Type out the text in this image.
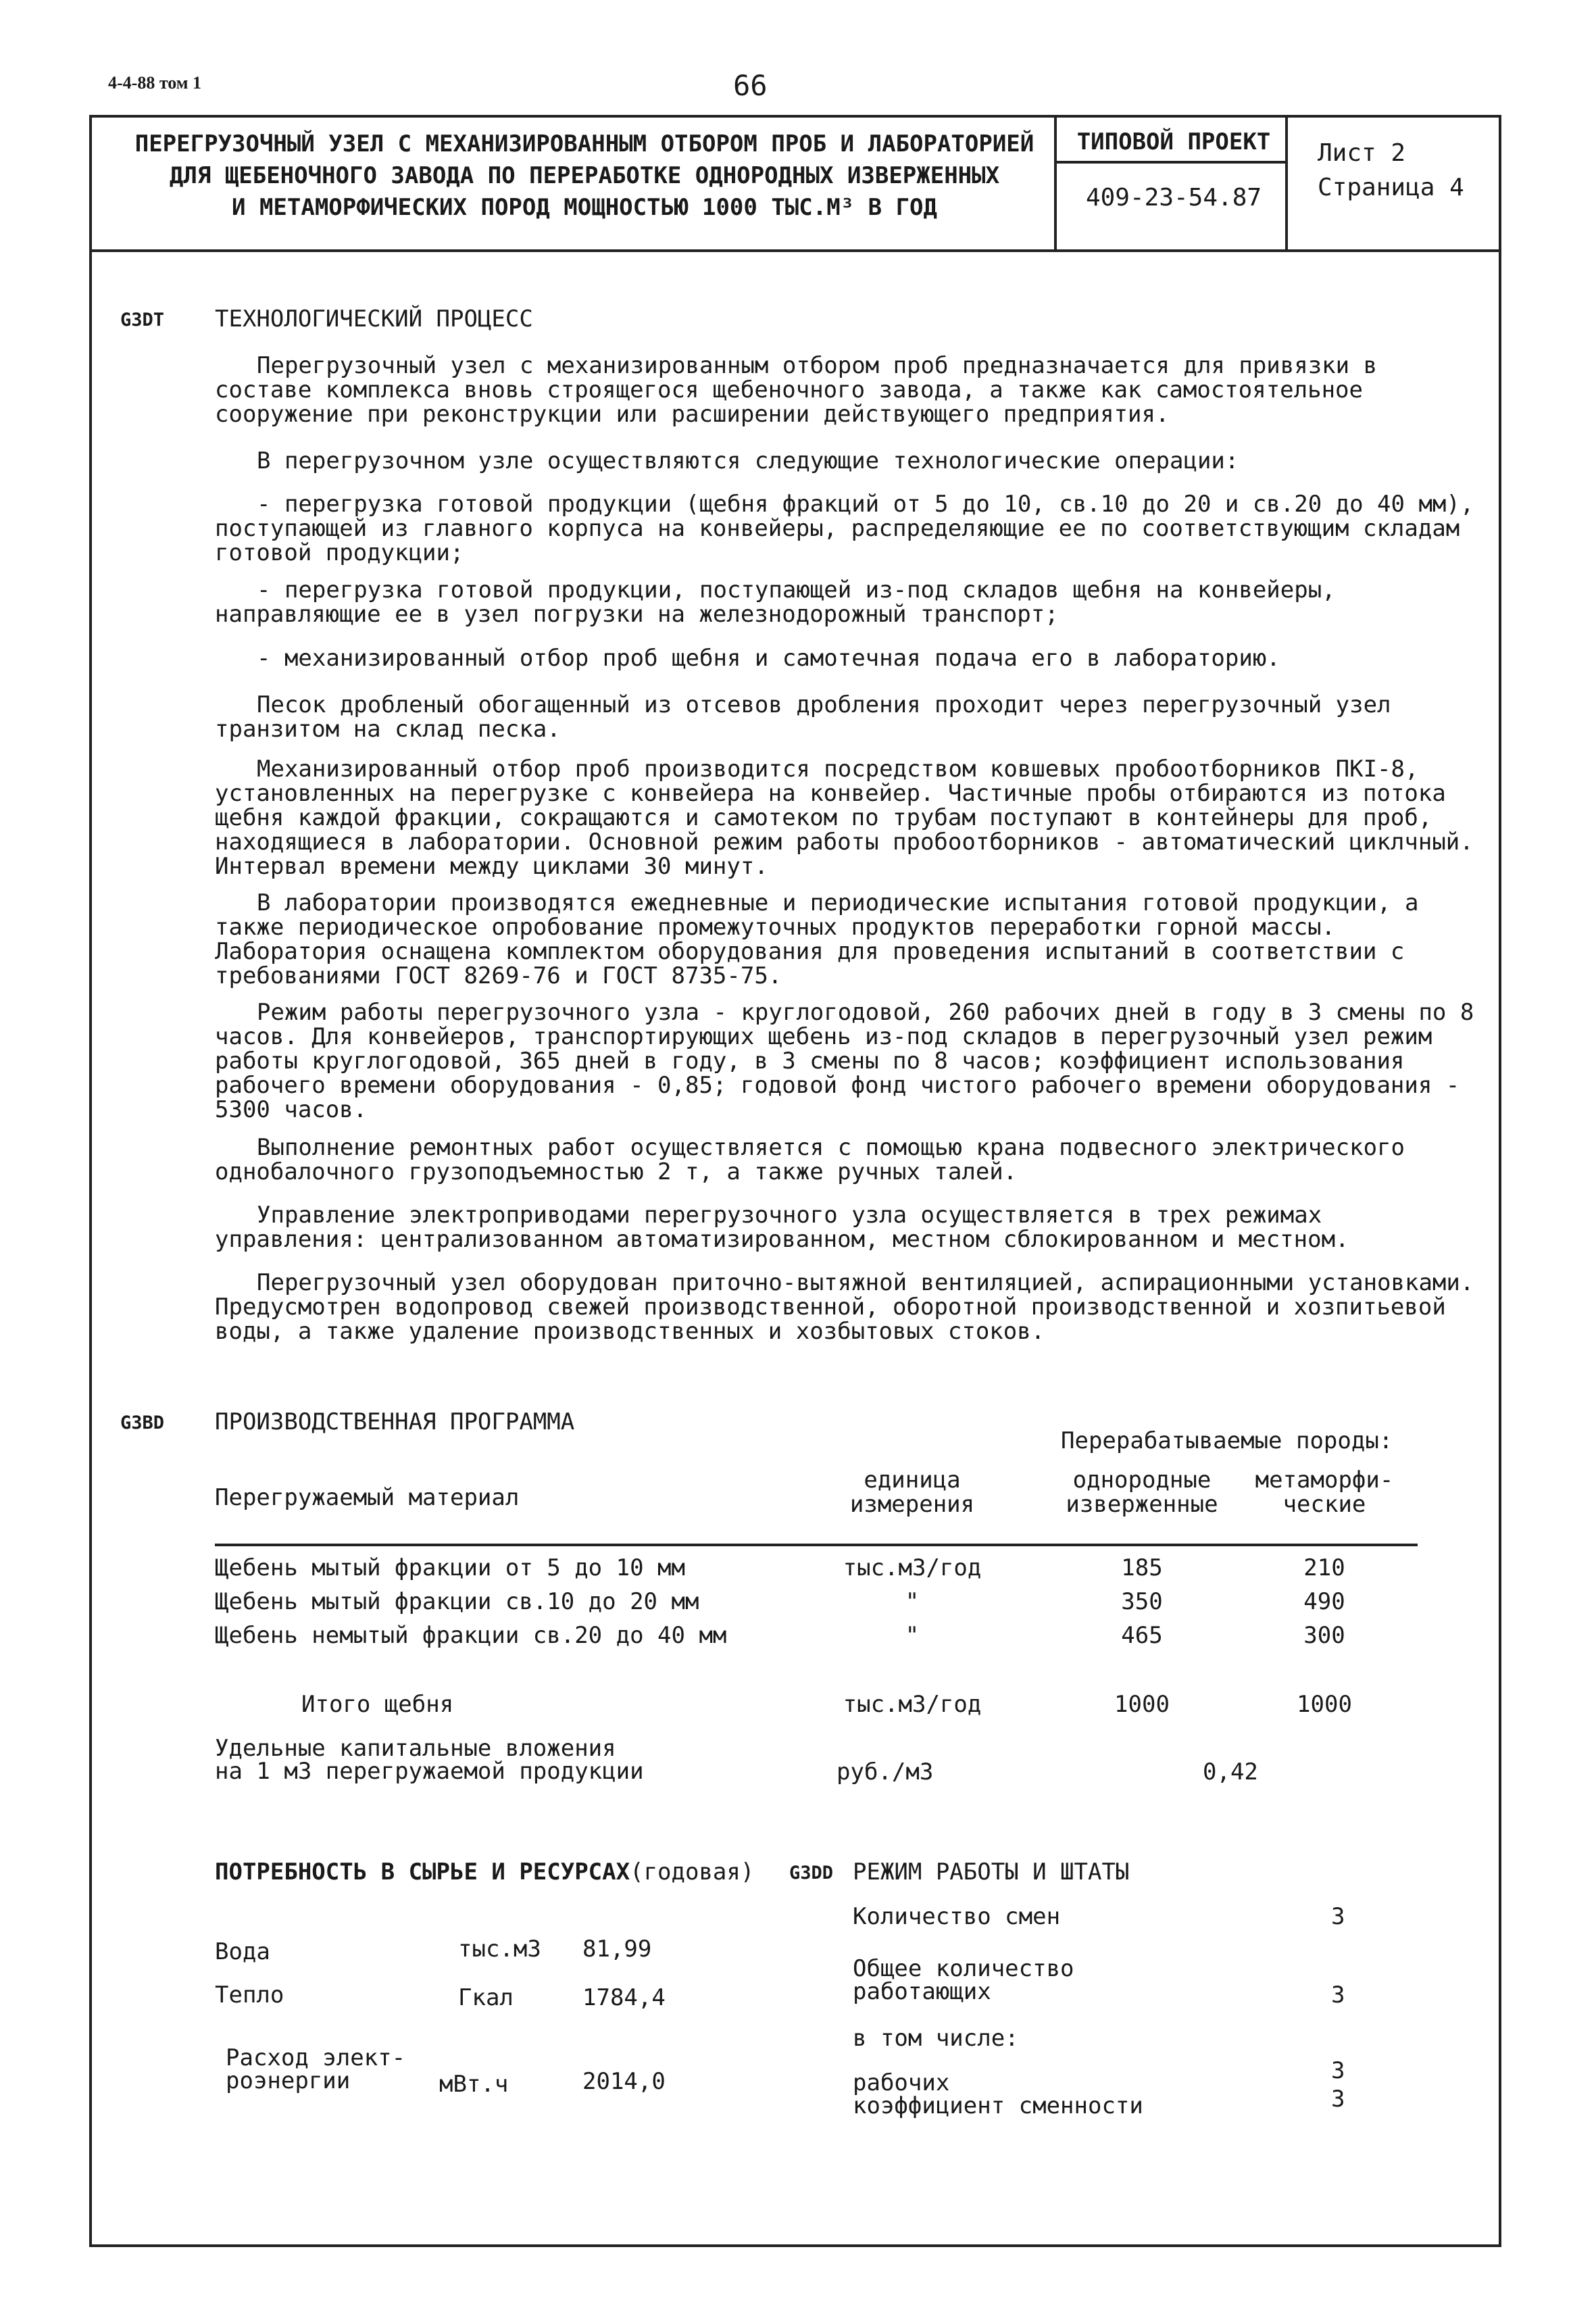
4-4-88 том 1	66
ПЕРЕГРУЗОЧНЫЙ УЗЕЛ С МЕХАНИЗИРОВАННЫМ ОТБОРОМ ПРОБ И ЛАБОРАТОРИЕЙ
ДЛЯ ЩЕБЕНОЧНОГО ЗАВОДА ПО ПЕРЕРАБОТКЕ ОДНОРОДНЫХ ИЗВЕРЖЕННЫХ
И МЕТАМОРФИЧЕСКИХ ПОРОД МОЩНОСТЬЮ 1000 ТЫС.М³ В ГОД
ТИПОВОЙ ПРОЕКТ
409-23-54.87
Лист 2
Страница 4
G3DT ТЕХНОЛОГИЧЕСКИЙ ПРОЦЕСС

Перегрузочный узел с механизированным отбором проб предназначается для привязки в составе комплекса вновь строящегося щебеночного завода, а также как самостоятельное сооружение при реконструкции или расширении действующего предприятия.

В перегрузочном узле осуществляются следующие технологические операции:

- перегрузка готовой продукции (щебня фракций от 5 до 10, св.10 до 20 и св.20 до 40 мм), поступающей из главного корпуса на конвейеры, распределяющие ее по соответствующим складам готовой продукции;

- перегрузка готовой продукции, поступающей из-под складов щебня на конвейеры, направляющие ее в узел погрузки на железнодорожный транспорт;

- механизированный отбор проб щебня и самотечная подача его в лабораторию.

Песок дробленый обогащенный из отсевов дробления проходит через перегрузочный узел транзитом на склад песка.

Механизированный отбор проб производится посредством ковшевых пробоотборников ПКI-8, установленных на перегрузке с конвейера на конвейер. Частичные пробы отбираются из потока щебня каждой фракции, сокращаются и самотеком по трубам поступают в контейнеры для проб, находящиеся в лаборатории. Основной режим работы пробоотборников - автоматический циклчный. Интервал времени между циклами 30 минут.

В лаборатории производятся ежедневные и периодические испытания готовой продукции, а также периодическое опробование промежуточных продуктов переработки горной массы. Лаборатория оснащена комплектом оборудования для проведения испытаний в соответствии с требованиями ГОСТ 8269-76 и ГОСТ 8735-75.

Режим работы перегрузочного узла - круглогодовой, 260 рабочих дней в году в 3 смены по 8 часов. Для конвейеров, транспортирующих щебень из-под складов в перегрузочный узел режим работы круглогодовой, 365 дней в году, в 3 смены по 8 часов; коэффициент использования рабочего времени оборудования - 0,85; годовой фонд чистого рабочего времени оборудования - 5300 часов.

Выполнение ремонтных работ осуществляется с помощью крана подвесного электрического однобалочного грузоподъемностью 2 т, а также ручных талей.

Управление электроприводами перегрузочного узла осуществляется в трех режимах управления: централизованном автоматизированном, местном сблокированном и местном.

Перегрузочный узел оборудован приточно-вытяжной вентиляцией, аспирационными установками. Предусмотрен водопровод свежей производственной, оборотной производственной и хозпитьевой воды, а также удаление производственных и хозбытовых стоков.

G3BD ПРОИЗВОДСТВЕННАЯ ПРОГРАММА
Перерабатываемые породы:
Перегружаемый материал
единица
измерения
однородные
изверженные
метаморфи-
ческие
Щебень мытый фракции от 5 до 10 мм	тыс.м3/год	185	210
Щебень мытый фракции св.10 до 20 мм	"	350	490
Щебень немытый фракции св.20 до 40 мм	"	465	300
Итого щебня	тыс.м3/год	1000	1000
Удельные капитальные вложения
на 1 м3 перегружаемой продукции	руб./м3	0,42
ПОТРЕБНОСТЬ В СЫРЬЕ И РЕСУРСАХ(годовая) G3DD
Вода	тыс.м3 81,99
Тепло	Гкал	1784,4
Расход элект-
роэнергии	мВт.ч	2014,0
РЕЖИМ РАБОТЫ И ШТАТЫ
Количество смен	3
Общее количество
работающих	3
в том числе:
рабочих	3
коэффициент сменности	3
